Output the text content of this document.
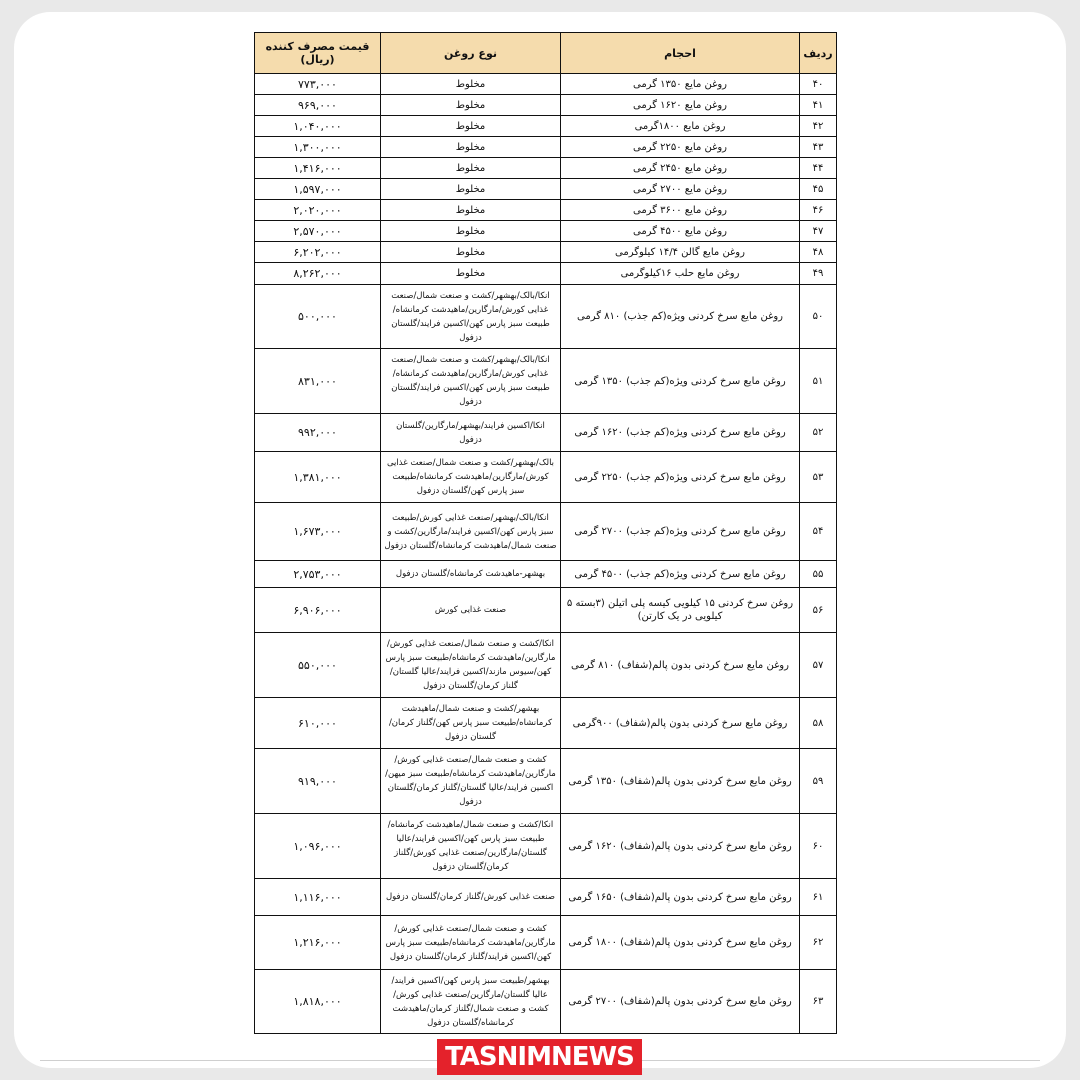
ردیف	احجام	نوع روغن	قیمت مصرف کننده (ریال)
۴۰	روغن مایع ۱۳۵۰ گرمی	مخلوط	۷۷۳,۰۰۰
۴۱	روغن مایع ۱۶۲۰ گرمی	مخلوط	۹۶۹,۰۰۰
۴۲	روغن مایع ۱۸۰۰گرمی	مخلوط	۱,۰۴۰,۰۰۰
۴۳	روغن مایع ۲۲۵۰ گرمی	مخلوط	۱,۳۰۰,۰۰۰
۴۴	روغن مایع ۲۴۵۰ گرمی	مخلوط	۱,۴۱۶,۰۰۰
۴۵	روغن مایع ۲۷۰۰ گرمی	مخلوط	۱,۵۹۷,۰۰۰
۴۶	روغن مایع ۳۶۰۰ گرمی	مخلوط	۲,۰۲۰,۰۰۰
۴۷	روغن مایع ۴۵۰۰ گرمی	مخلوط	۲,۵۷۰,۰۰۰
۴۸	روغن مایع گالن ۱۴/۴ کیلوگرمی	مخلوط	۶,۲۰۲,۰۰۰
۴۹	روغن مایع حلب ۱۶کیلوگرمی	مخلوط	۸,۲۶۲,۰۰۰
۵۰	روغن مایع سرخ کردنی ویژه(کم جذب) ۸۱۰ گرمی	انکا/بالک/بهشهر/کشت و صنعت شمال/صنعت غذایی کورش/مارگارین/ماهیدشت کرمانشاه/طبیعت سبز پارس کهن/اکسین فرایند/گلستان دزفول	۵۰۰,۰۰۰
۵۱	روغن مایع سرخ کردنی ویژه(کم جذب) ۱۳۵۰ گرمی	انکا/بالک/بهشهر/کشت و صنعت شمال/صنعت غذایی کورش/مارگارین/ماهیدشت کرمانشاه/طبیعت سبز پارس کهن/اکسین فرایند/گلستان دزفول	۸۳۱,۰۰۰
۵۲	روغن مایع سرخ کردنی ویژه(کم جذب) ۱۶۲۰ گرمی	انکا/اکسین فرایند/بهشهر/مارگارین/گلستان دزفول	۹۹۲,۰۰۰
۵۳	روغن مایع سرخ کردنی ویژه(کم جذب) ۲۲۵۰ گرمی	بالک/بهشهر/کشت و صنعت شمال/صنعت غذایی کورش/مارگارین/ماهیدشت کرمانشاه/طبیعت سبز پارس کهن/گلستان دزفول	۱,۳۸۱,۰۰۰
۵۴	روغن مایع سرخ کردنی ویژه(کم جذب) ۲۷۰۰ گرمی	انکا/بالک/بهشهر/صنعت غذایی کورش/طبیعت سبز پارس کهن/اکسین فرایند/مارگارین/کشت و صنعت شمال/ماهیدشت کرمانشاه/گلستان دزفول	۱,۶۷۳,۰۰۰
۵۵	روغن مایع سرخ کردنی ویژه(کم جذب) ۴۵۰۰ گرمی	بهشهر-ماهیدشت کرمانشاه/گلستان دزفول	۲,۷۵۳,۰۰۰
۵۶	روغن سرخ کردنی ۱۵ کیلویی کیسه پلی اتیلن (۳بسته ۵ کیلویی در یک کارتن)	صنعت غذایی کورش	۶,۹۰۶,۰۰۰
۵۷	روغن مایع سرخ کردنی بدون پالم(شفاف) ۸۱۰ گرمی	انکا/کشت و صنعت شمال/صنعت غذایی کورش/مارگارین/ماهیدشت کرمانشاه/طبیعت سبز پارس کهن/سیوس مازند/اکسین فرایند/عالیا گلستان/گلناز کرمان/گلستان دزفول	۵۵۰,۰۰۰
۵۸	روغن مایع سرخ کردنی بدون پالم(شفاف) ۹۰۰گرمی	بهشهر/کشت و صنعت شمال/ماهیدشت کرمانشاه/طبیعت سبز پارس کهن/گلناز کرمان/گلستان دزفول	۶۱۰,۰۰۰
۵۹	روغن مایع سرخ کردنی بدون پالم(شفاف) ۱۳۵۰ گرمی	کشت و صنعت شمال/صنعت غذایی کورش/مارگارین/ماهیدشت کرمانشاه/طبیعت سبز میهن/اکسین فرایند/عالیا گلستان/گلناز کرمان/گلستان دزفول	۹۱۹,۰۰۰
۶۰	روغن مایع سرخ کردنی بدون پالم(شفاف) ۱۶۲۰ گرمی	انکا/کشت و صنعت شمال/ماهیدشت کرمانشاه/طبیعت سبز پارس کهن/اکسین فرایند/عالیا گلستان/مارگارین/صنعت غذایی کورش/گلناز کرمان/گلستان دزفول	۱,۰۹۶,۰۰۰
۶۱	روغن مایع سرخ کردنی بدون پالم(شفاف) ۱۶۵۰ گرمی	صنعت غذایی کورش/گلناز کرمان/گلستان دزفول	۱,۱۱۶,۰۰۰
۶۲	روغن مایع سرخ کردنی بدون پالم(شفاف) ۱۸۰۰ گرمی	کشت و صنعت شمال/صنعت غذایی کورش/مارگارین/ماهیدشت کرمانشاه/طبیعت سبز پارس کهن/اکسین فرایند/گلناز کرمان/گلستان دزفول	۱,۲۱۶,۰۰۰
۶۳	روغن مایع سرخ کردنی بدون پالم(شفاف) ۲۷۰۰ گرمی	بهشهر/طبیعت سبز پارس کهن/اکسین فرایند/عالیا گلستان/مارگارین/صنعت غذایی کورش/کشت و صنعت شمال/گلناز کرمان/ماهیدشت کرمانشاه/گلستان دزفول	۱,۸۱۸,۰۰۰
TASNIMNEWS
